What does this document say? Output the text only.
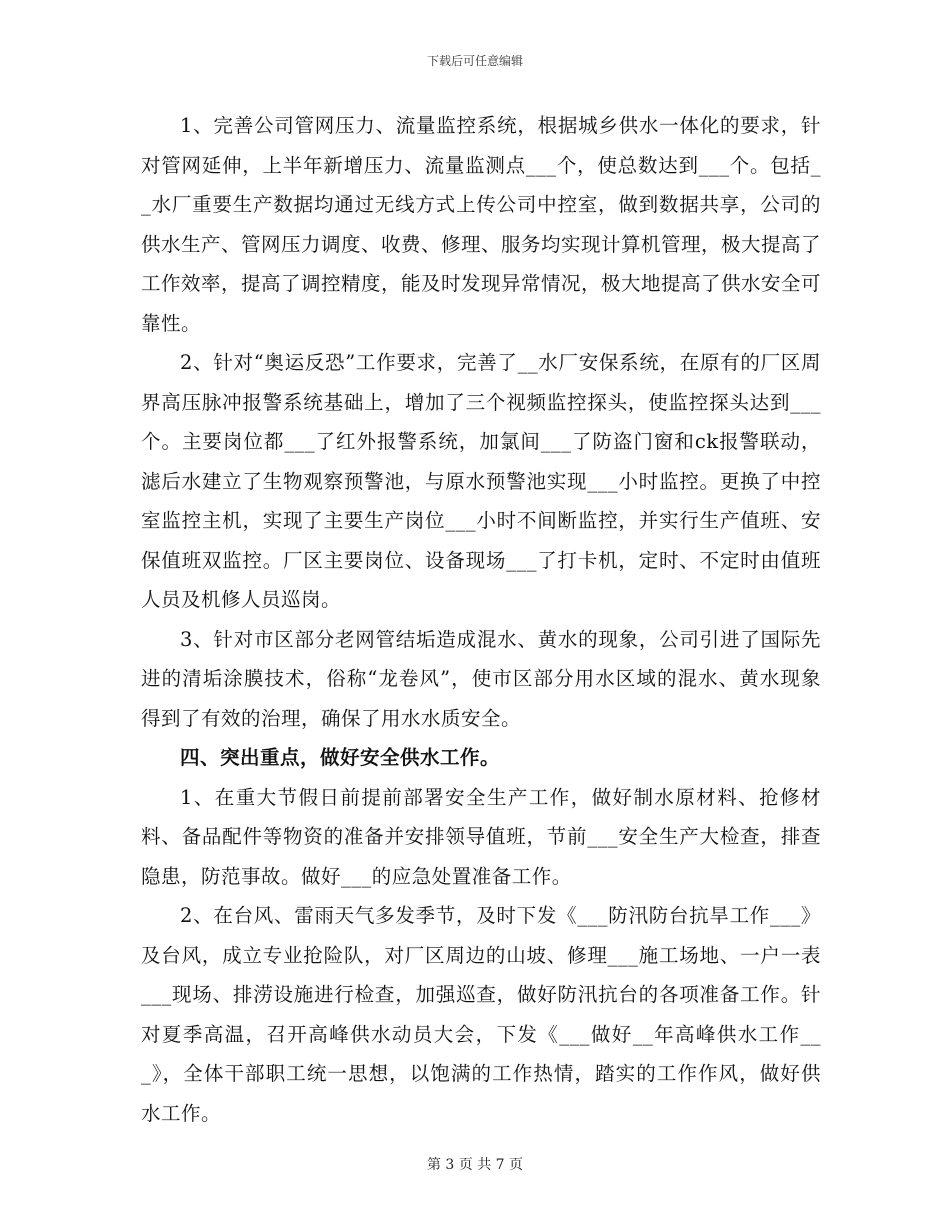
下载后可任意编辑

1、完善公司管网压力、流量监控系统，根据城乡供水一体化的要求，针对管网延伸，上半年新增压力、流量监测点___个，使总数达到___个。包括__水厂重要生产数据均通过无线方式上传公司中控室，做到数据共享，公司的供水生产、管网压力调度、收费、修理、服务均实现计算机管理，极大提高了工作效率，提高了调控精度，能及时发现异常情况，极大地提高了供水安全可靠性。

2、针对“奥运反恐”工作要求，完善了__水厂安保系统，在原有的厂区周界高压脉冲报警系统基础上，增加了三个视频监控探头，使监控探头达到___个。主要岗位都___了红外报警系统，加氯间___了防盗门窗和ck报警联动，滤后水建立了生物观察预警池，与原水预警池实现___小时监控。更换了中控室监控主机，实现了主要生产岗位___小时不间断监控，并实行生产值班、安保值班双监控。厂区主要岗位、设备现场___了打卡机，定时、不定时由值班人员及机修人员巡岗。

3、针对市区部分老网管结垢造成混水、黄水的现象，公司引进了国际先进的清垢涂膜技术，俗称“龙卷风”，使市区部分用水区域的混水、黄水现象得到了有效的治理，确保了用水水质安全。

四、突出重点，做好安全供水工作。

1、在重大节假日前提前部署安全生产工作，做好制水原材料、抢修材料、备品配件等物资的准备并安排领导值班，节前___安全生产大检查，排查隐患，防范事故。做好___的应急处置准备工作。

2、在台风、雷雨天气多发季节，及时下发《___防汛防台抗旱工作___》及台风，成立专业抢险队，对厂区周边的山坡、修理___施工场地、一户一表___现场、排涝设施进行检查，加强巡查，做好防汛抗台的各项准备工作。针对夏季高温，召开高峰供水动员大会，下发《___做好__年高峰供水工作___》，全体干部职工统一思想，以饱满的工作热情，踏实的工作作风，做好供水工作。

第 3 页 共 7 页
